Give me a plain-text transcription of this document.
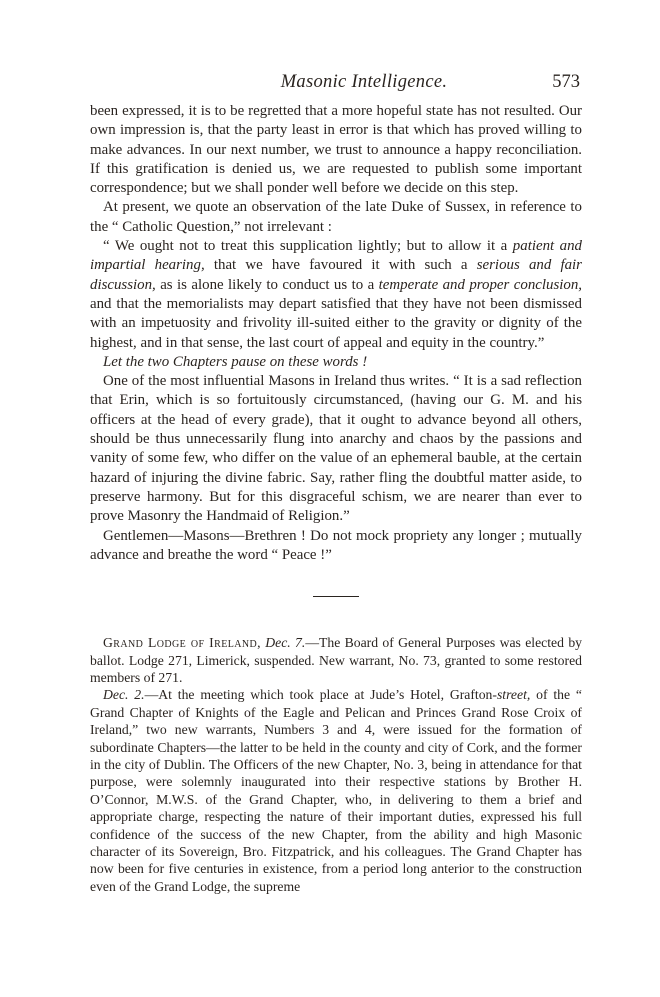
Masonic Intelligence.	573

been expressed, it is to be regretted that a more hopeful state has not resulted. Our own impression is, that the party least in error is that which has proved willing to make advances. In our next number, we trust to announce a happy reconciliation. If this gratification is denied us, we are requested to publish some important correspondence; but we shall ponder well before we decide on this step.

At present, we quote an observation of the late Duke of Sussex, in reference to the “ Catholic Question,” not irrelevant :

“ We ought not to treat this supplication lightly; but to allow it a patient and impartial hearing, that we have favoured it with such a serious and fair discussion, as is alone likely to conduct us to a temperate and proper conclusion, and that the memorialists may depart satisfied that they have not been dismissed with an impetuosity and frivolity ill-suited either to the gravity or dignity of the highest, and in that sense, the last court of appeal and equity in the country.”

Let the two Chapters pause on these words !

One of the most influential Masons in Ireland thus writes. “ It is a sad reflection that Erin, which is so fortuitously circumstanced, (having our G. M. and his officers at the head of every grade), that it ought to advance beyond all others, should be thus unnecessarily flung into anarchy and chaos by the passions and vanity of some few, who differ on the value of an ephemeral bauble, at the certain hazard of injuring the divine fabric. Say, rather fling the doubtful matter aside, to preserve harmony. But for this disgraceful schism, we are nearer than ever to prove Masonry the Handmaid of Religion.”

Gentlemen—Masons—Brethren ! Do not mock propriety any longer ; mutually advance and breathe the word “ Peace !”

Grand Lodge of Ireland, Dec. 7.—The Board of General Purposes was elected by ballot. Lodge 271, Limerick, suspended. New warrant, No. 73, granted to some restored members of 271.

Dec. 2.—At the meeting which took place at Jude’s Hotel, Grafton-street, of the “ Grand Chapter of Knights of the Eagle and Pelican and Princes Grand Rose Croix of Ireland,” two new warrants, Numbers 3 and 4, were issued for the formation of subordinate Chapters—the latter to be held in the county and city of Cork, and the former in the city of Dublin. The Officers of the new Chapter, No. 3, being in attendance for that purpose, were solemnly inaugurated into their respective stations by Brother H. O’Connor, M.W.S. of the Grand Chapter, who, in delivering to them a brief and appropriate charge, respecting the nature of their important duties, expressed his full confidence of the success of the new Chapter, from the ability and high Masonic character of its Sovereign, Bro. Fitzpatrick, and his colleagues. The Grand Chapter has now been for five centuries in existence, from a period long anterior to the construction even of the Grand Lodge, the supreme
